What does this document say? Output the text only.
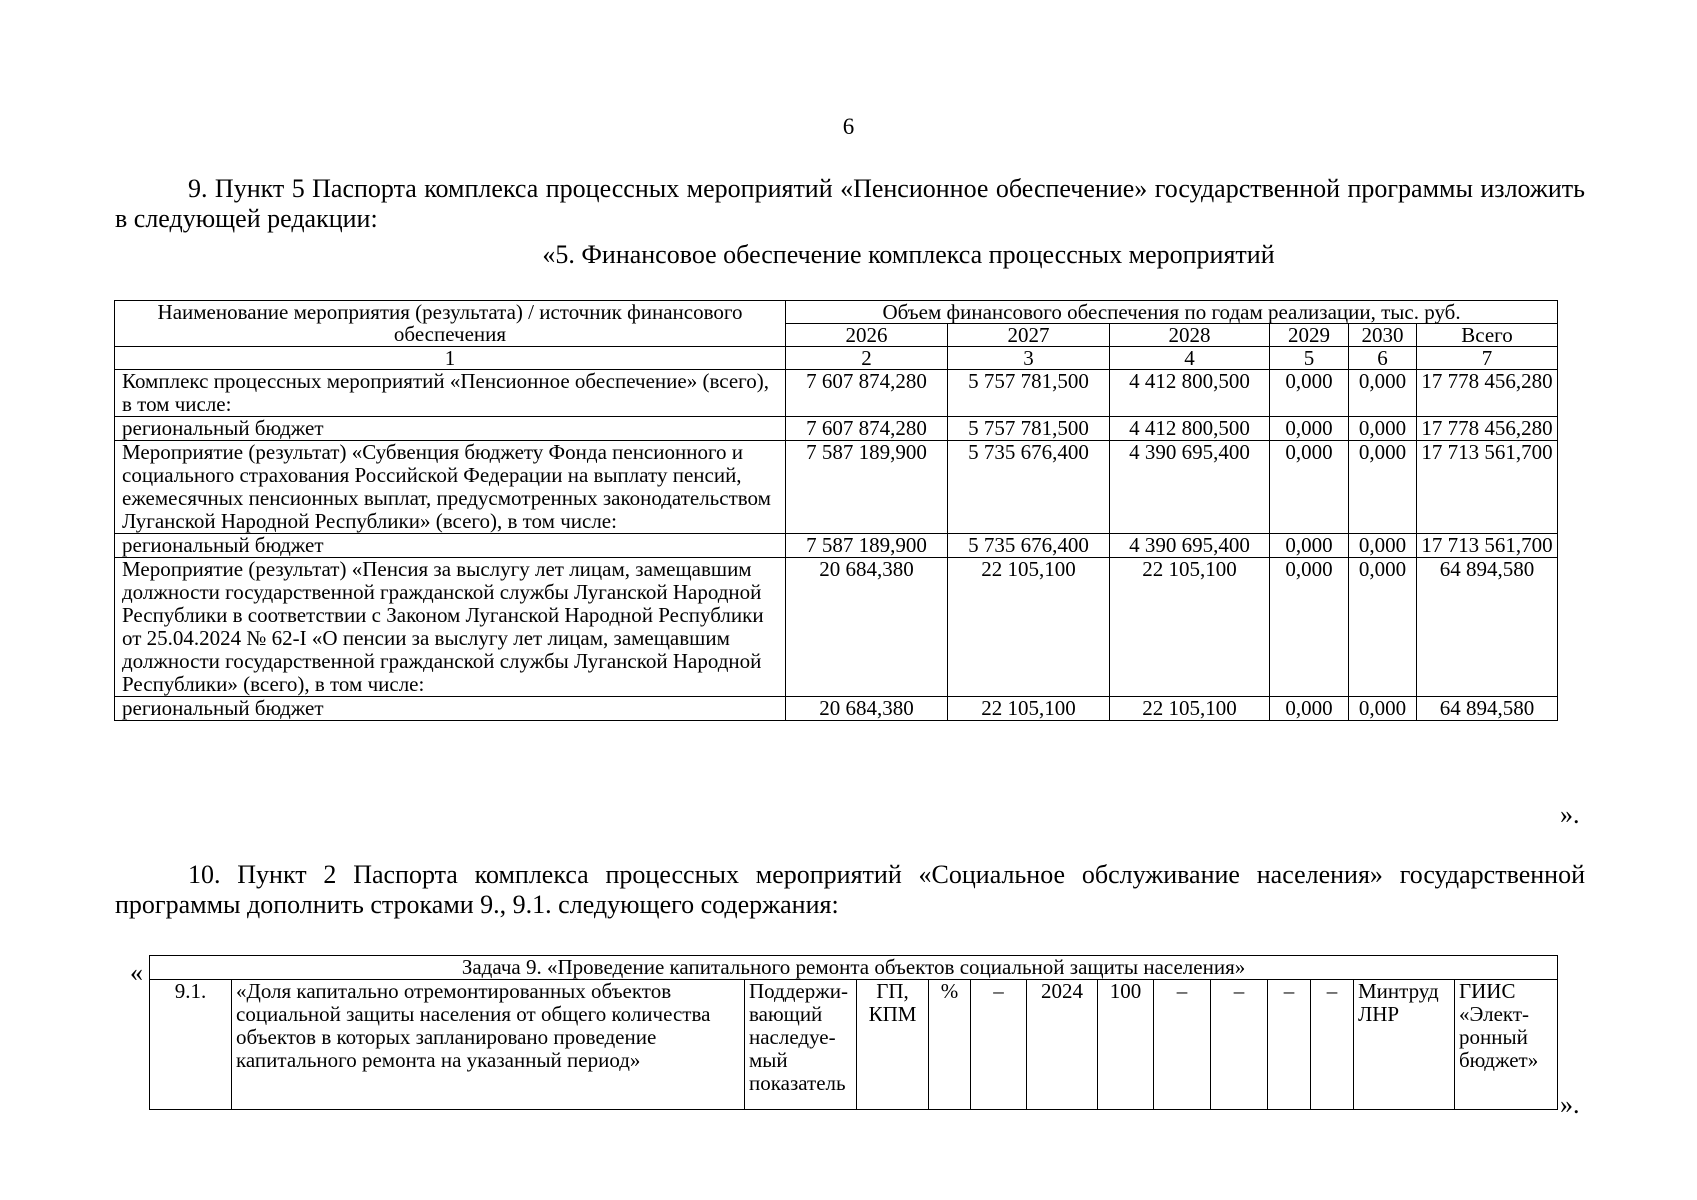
6

9. Пункт 5 Паспорта комплекса процессных мероприятий «Пенсионное обеспечение» государственной программы изложить в следующей редакции:

«5. Финансовое обеспечение комплекса процессных мероприятий
Наименование мероприятия (результата) / источник финансового обеспечения	Объем финансового обеспечения по годам реализации, тыс. руб.					
	2026	2027	2028	2029	2030	Всего
1	2	3	4	5	6	7
Комплекс процессных мероприятий «Пенсионное обеспечение» (всего), в том числе:	7 607 874,280	5 757 781,500	4 412 800,500	0,000	0,000	17 778 456,280
региональный бюджет	7 607 874,280	5 757 781,500	4 412 800,500	0,000	0,000	17 778 456,280
Мероприятие (результат) «Субвенция бюджету Фонда пенсионного и социального страхования Российской Федерации на выплату пенсий, ежемесячных пенсионных выплат, предусмотренных законодательством Луганской Народной Республики» (всего), в том числе:	7 587 189,900	5 735 676,400	4 390 695,400	0,000	0,000	17 713 561,700
региональный бюджет	7 587 189,900	5 735 676,400	4 390 695,400	0,000	0,000	17 713 561,700
Мероприятие (результат) «Пенсия за выслугу лет лицам, замещавшим должности государственной гражданской службы Луганской Народной Республики в соответствии с Законом Луганской Народной Республики от 25.04.2024 № 62-I «О пенсии за выслугу лет лицам, замещавшим должности государственной гражданской службы Луганской Народной Республики» (всего), в том числе:	20 684,380	22 105,100	22 105,100	0,000	0,000	64 894,580
региональный бюджет	20 684,380	22 105,100	22 105,100	0,000	0,000	64 894,580
».

10. Пункт 2 Паспорта комплекса процессных мероприятий «Социальное обслуживание населения» государственной программы дополнить строками 9., 9.1. следующего содержания:

«	Задача 9. «Проведение капитального ремонта объектов социальной защиты населения»
9.1.	«Доля капитально отремонтированных объектов социальной защиты населения от общего количества объектов в которых запланировано проведение капитального ремонта на указанный период»	Поддержи-вающий наследуе-мый показатель	ГП, КПМ	%	–	2024	100	–	–	–	–	Минтруд ЛНР	ГИИС «Элект-ронный бюджет»
».
